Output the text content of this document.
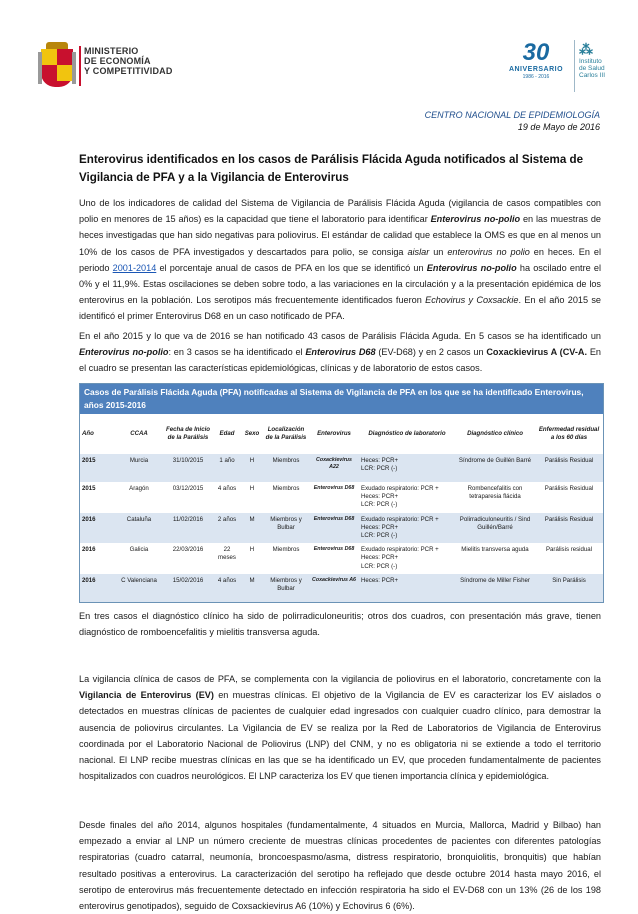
MINISTERIO
DE ECONOMÍA
Y COMPETITIVIDAD
30
ANIVERSARIO
1986 - 2016
⁂
Instituto
de Salud
Carlos III
CENTRO NACIONAL DE EPIDEMIOLOGÍA
19 de Mayo de 2016
Enterovirus identificados en los casos de Parálisis Flácida Aguda notificados al Sistema de Vigilancia de PFA y a la Vigilancia de Enterovirus
Uno de los indicadores de calidad del Sistema de Vigilancia de Parálisis Flácida Aguda (vigilancia de casos compatibles con polio en menores de 15 años) es la capacidad que tiene el laboratorio para identificar Enterovirus no-polio en las muestras de heces investigadas que han sido negativas para poliovirus. El estándar de calidad que establece la OMS es que en al menos un 10% de los casos de PFA investigados y descartados para polio, se consiga aislar un enterovirus no polio en heces. En el periodo 2001-2014 el porcentaje anual de casos de PFA en los que se identificó un Enterovirus no-polio ha oscilado entre el 0% y el 11,9%. Estas oscilaciones se deben sobre todo, a las variaciones en la circulación y a la presentación epidémica de los enterovirus en la población. Los serotipos más frecuentemente identificados fueron Echovirus y Coxsackie. En el año 2015 se identificó el primer Enterovirus D68 en un caso notificado de PFA.
En el año 2015 y lo que va de 2016 se han notificado 43 casos de Parálisis Flácida Aguda. En 5 casos se ha identificado un Enterovirus no-polio: en 3 casos se ha identificado el Enterovirus D68 (EV-D68) y en 2 casos un Coxackievirus A (CV-A. En el cuadro se presentan las características epidemiológicas, clínicas y de laboratorio de estos casos.
Casos de Parálisis Flácida Aguda (PFA) notificadas al Sistema de Vigilancia de PFA en los que se ha identificado Enterovirus, años 2015-2016
Año	CCAA	Fecha de Inicio de la Parálisis	Edad	Sexo	Localización de la Parálisis	Enterovirus	Diagnóstico de laboratorio	Diagnóstico clínico	Enfermedad residual a los 60 días
2015	Murcia	31/10/2015	1 año	H	Miembros	Coxackievirus A22	Heces: PCR+
LCR: PCR (-)	Síndrome de Guillén Barré	Parálisis Residual
2015	Aragón	03/12/2015	4 años	H	Miembros	Enterovirus D68	Exudado respiratorio: PCR +
Heces: PCR+
LCR: PCR (-)	Rombencefalitis con tetraparesia flácida	Parálisis Residual
2016	Cataluña	11/02/2016	2 años	M	Miembros y Bulbar	Enterovirus D68	Exudado respiratorio: PCR +
Heces: PCR+
LCR: PCR (-)	Polirradiculoneuritis / Sind Guillén/Barré	Parálisis Residual
2016	Galicia	22/03/2016	22 meses	H	Miembros	Enterovirus D68	Exudado respiratorio: PCR +
Heces: PCR+
LCR: PCR (-)	Mielitis transversa aguda	Parálisis residual
2016	C Valenciana	15/02/2016	4 años	M	Miembros y Bulbar	Coxackievirus A6	Heces: PCR+	Síndrome de Miller Fisher	Sin Parálisis
En tres casos el diagnóstico clínico ha sido de polirradiculoneuritis; otros dos cuadros, con presentación más grave, tienen diagnóstico de romboencefalitis y mielitis transversa aguda.
La vigilancia clínica de casos de PFA, se complementa con la vigilancia de poliovirus en el laboratorio, concretamente con la Vigilancia de Enterovirus (EV) en muestras clínicas. El objetivo de la Vigilancia de EV es caracterizar los EV aislados o detectados en muestras clínicas de pacientes de cualquier edad ingresados con cualquier cuadro clínico, para demostrar la ausencia de poliovirus circulantes. La Vigilancia de EV se realiza por la Red de Laboratorios de Vigilancia de Enterovirus coordinada por el Laboratorio Nacional de Poliovirus (LNP) del CNM, y no es obligatoria ni se extiende a todo el territorio nacional. El LNP recibe muestras clínicas en las que se ha identificado un EV, que proceden fundamentalmente de pacientes hospitalizados con cuadros neurológicos. El LNP caracteriza los EV que tienen importancia clínica y epidemiológica.
Desde finales del año 2014, algunos hospitales (fundamentalmente, 4 situados en Murcia, Mallorca, Madrid y Bilbao) han empezado a enviar al LNP un número creciente de muestras clínicas procedentes de pacientes con diferentes patologías respiratorias (cuadro catarral, neumonía, broncoespasmo/asma, distress respiratorio, bronquiolitis, bronquitis) que habían resultado positivas a enterovirus. La caracterización del serotipo ha reflejado que desde octubre 2014 hasta mayo 2016, el serotipo de enterovirus más frecuentemente detectado en infección respiratoria ha sido el EV-D68 con un 13% (26 de los 198 enterovirus genotipados), seguido de Coxsackievirus A6 (10%) y Echovirus 6 (6%).
